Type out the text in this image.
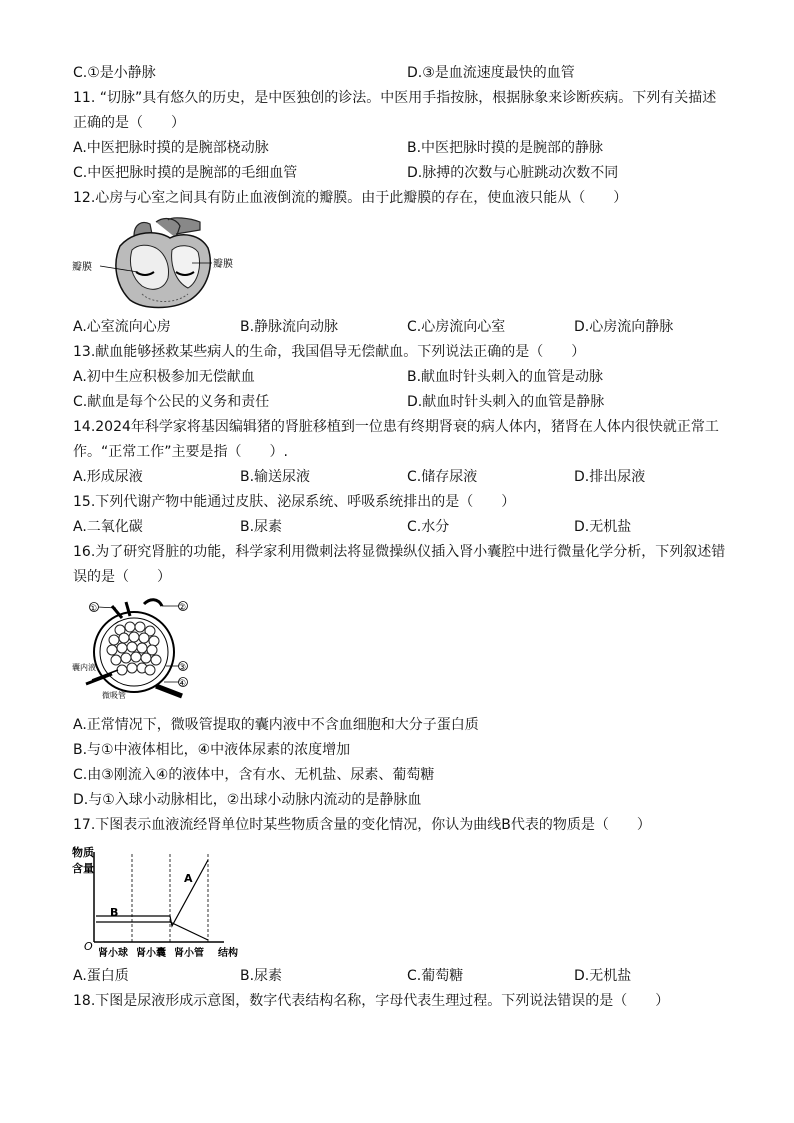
C.①是小静脉	D.③是血流速度最快的血管
11. “切脉”具有悠久的历史，是中医独创的诊法。中医用手指按脉，根据脉象来诊断疾病。下列有关描述
正确的是（　　）
A.中医把脉时摸的是腕部桡动脉	B.中医把脉时摸的是腕部的静脉
C.中医把脉时摸的是腕部的毛细血管	D.脉搏的次数与心脏跳动次数不同
12.心房与心室之间具有防止血液倒流的瓣膜。由于此瓣膜的存在，使血液只能从（　　）
瓣膜	瓣膜
A.心室流向心房	B.静脉流向动脉	C.心房流向心室	D.心房流向静脉
13.献血能够拯救某些病人的生命，我国倡导无偿献血。下列说法正确的是（　　）
A.初中生应积极参加无偿献血	B.献血时针头刺入的血管是动脉
C.献血是每个公民的义务和责任	D.献血时针头刺入的血管是静脉
14.2024年科学家将基因编辑猪的肾脏移植到一位患有终期肾衰的病人体内，猪肾在人体内很快就正常工
作。“正常工作”主要是指（　　）.
A.形成尿液	B.输送尿液	C.储存尿液	D.排出尿液
15.下列代谢产物中能通过皮肤、泌尿系统、呼吸系统排出的是（　　）
A.二氧化碳	B.尿素	C.水分	D.无机盐
16.为了研究肾脏的功能，科学家利用微刺法将显微操纵仪插入肾小囊腔中进行微量化学分析，下列叙述错
误的是（　　）
①	②
③
④
囊内液
微吸管
A.正常情况下，微吸管提取的囊内液中不含血细胞和大分子蛋白质
B.与①中液体相比，④中液体尿素的浓度增加
C.由③刚流入④的液体中，含有水、无机盐、尿素、葡萄糖
D.与①入球小动脉相比，②出球小动脉内流动的是静脉血
17.下图表示血液流经肾单位时某些物质含量的变化情况，你认为曲线B代表的物质是（　　）
A
B
物质
含量
O
肾小球 肾小囊 肾小管 结构
A.蛋白质	B.尿素	C.葡萄糖	D.无机盐
18.下图是尿液形成示意图，数字代表结构名称，字母代表生理过程。下列说法错误的是（　　）
